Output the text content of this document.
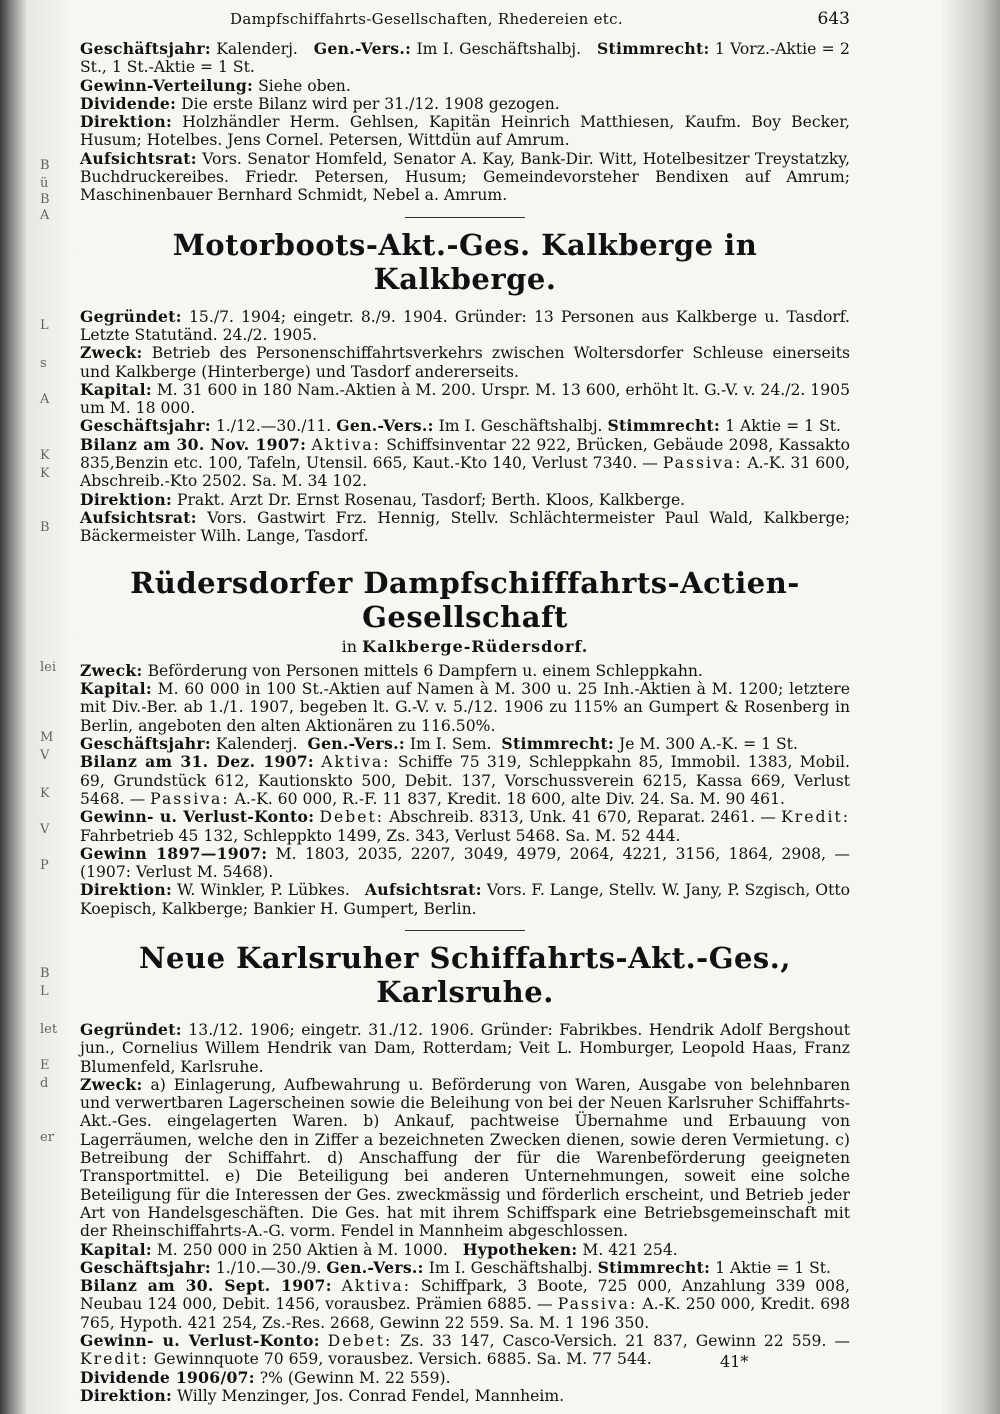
B
ü
B
A
L
s
A
K
K
B
lei
M
V
K
V
P
B
L
let
E
d
er
Dampfschiffahrts-Gesellschaften, Rhedereien etc.	643

Geschäftsjahr: Kalenderj. Gen.-Vers.: Im I. Geschäftshalbj. Stimmrecht: 1 Vorz.-Aktie = 2 St., 1 St.-Aktie = 1 St.

Gewinn-Verteilung: Siehe oben.

Dividende: Die erste Bilanz wird per 31./12. 1908 gezogen.

Direktion: Holzhändler Herm. Gehlsen, Kapitän Heinrich Matthiesen, Kaufm. Boy Becker, Husum; Hotelbes. Jens Cornel. Petersen, Wittdün auf Amrum.

Aufsichtsrat: Vors. Senator Homfeld, Senator A. Kay, Bank-Dir. Witt, Hotelbesitzer Treystatzky, Buchdruckereibes. Friedr. Petersen, Husum; Gemeindevorsteher Bendixen auf Amrum; Maschinenbauer Bernhard Schmidt, Nebel a. Amrum.

Motorboots-Akt.-Ges. Kalkberge in Kalkberge.

Gegründet: 15./7. 1904; eingetr. 8./9. 1904. Gründer: 13 Personen aus Kalkberge u. Tasdorf. Letzte Statutänd. 24./2. 1905.

Zweck: Betrieb des Personenschiffahrtsverkehrs zwischen Woltersdorfer Schleuse einerseits und Kalkberge (Hinterberge) und Tasdorf andererseits.

Kapital: M. 31 600 in 180 Nam.-Aktien à M. 200. Urspr. M. 13 600, erhöht lt. G.-V. v. 24./2. 1905 um M. 18 000.

Geschäftsjahr: 1./12.—30./11. Gen.-Vers.: Im I. Geschäftshalbj. Stimmrecht: 1 Aktie = 1 St.

Bilanz am 30. Nov. 1907: Aktiva: Schiffsinventar 22 922, Brücken, Gebäude 2098, Kassakto 835,Benzin etc. 100, Tafeln, Utensil. 665, Kaut.-Kto 140, Verlust 7340. — Passiva: A.-K. 31 600, Abschreib.-Kto 2502. Sa. M. 34 102.

Direktion: Prakt. Arzt Dr. Ernst Rosenau, Tasdorf; Berth. Kloos, Kalkberge.

Aufsichtsrat: Vors. Gastwirt Frz. Hennig, Stellv. Schlächtermeister Paul Wald, Kalkberge; Bäckermeister Wilh. Lange, Tasdorf.

Rüdersdorfer Dampfschifffahrts-Actien-Gesellschaft
in Kalkberge-Rüdersdorf.

Zweck: Beförderung von Personen mittels 6 Dampfern u. einem Schleppkahn.

Kapital: M. 60 000 in 100 St.-Aktien auf Namen à M. 300 u. 25 Inh.-Aktien à M. 1200; letztere mit Div.-Ber. ab 1./1. 1907, begeben lt. G.-V. v. 5./12. 1906 zu 115% an Gumpert & Rosenberg in Berlin, angeboten den alten Aktionären zu 116.50%.

Geschäftsjahr: Kalenderj. Gen.-Vers.: Im I. Sem. Stimmrecht: Je M. 300 A.-K. = 1 St.

Bilanz am 31. Dez. 1907: Aktiva: Schiffe 75 319, Schleppkahn 85, Immobil. 1383, Mobil. 69, Grundstück 612, Kautionskto 500, Debit. 137, Vorschussverein 6215, Kassa 669, Verlust 5468. — Passiva: A.-K. 60 000, R.-F. 11 837, Kredit. 18 600, alte Div. 24. Sa. M. 90 461.

Gewinn- u. Verlust-Konto: Debet: Abschreib. 8313, Unk. 41 670, Reparat. 2461. — Kredit: Fahrbetrieb 45 132, Schleppkto 1499, Zs. 343, Verlust 5468. Sa. M. 52 444.

Gewinn 1897—1907: M. 1803, 2035, 2207, 3049, 4979, 2064, 4221, 3156, 1864, 2908, — (1907: Verlust M. 5468).

Direktion: W. Winkler, P. Lübkes. Aufsichtsrat: Vors. F. Lange, Stellv. W. Jany, P. Szgisch, Otto Koepisch, Kalkberge; Bankier H. Gumpert, Berlin.

Neue Karlsruher Schiffahrts-Akt.-Ges., Karlsruhe.

Gegründet: 13./12. 1906; eingetr. 31./12. 1906. Gründer: Fabrikbes. Hendrik Adolf Bergshout jun., Cornelius Willem Hendrik van Dam, Rotterdam; Veit L. Homburger, Leopold Haas, Franz Blumenfeld, Karlsruhe.

Zweck: a) Einlagerung, Aufbewahrung u. Beförderung von Waren, Ausgabe von belehnbaren und verwertbaren Lagerscheinen sowie die Beleihung von bei der Neuen Karlsruher Schiffahrts-Akt.-Ges. eingelagerten Waren. b) Ankauf, pachtweise Übernahme und Erbauung von Lagerräumen, welche den in Ziffer a bezeichneten Zwecken dienen, sowie deren Vermietung. c) Betreibung der Schiffahrt. d) Anschaffung der für die Warenbeförderung geeigneten Transportmittel. e) Die Beteiligung bei anderen Unternehmungen, soweit eine solche Beteiligung für die Interessen der Ges. zweckmässig und förderlich erscheint, und Betrieb jeder Art von Handelsgeschäften. Die Ges. hat mit ihrem Schiffspark eine Betriebsgemeinschaft mit der Rheinschiffahrts-A.-G. vorm. Fendel in Mannheim abgeschlossen.

Kapital: M. 250 000 in 250 Aktien à M. 1000. Hypotheken: M. 421 254.

Geschäftsjahr: 1./10.—30./9. Gen.-Vers.: Im I. Geschäftshalbj. Stimmrecht: 1 Aktie = 1 St.

Bilanz am 30. Sept. 1907: Aktiva: Schiffpark, 3 Boote, 725 000, Anzahlung 339 008, Neubau 124 000, Debit. 1456, vorausbez. Prämien 6885. — Passiva: A.-K. 250 000, Kredit. 698 765, Hypoth. 421 254, Zs.-Res. 2668, Gewinn 22 559. Sa. M. 1 196 350.

Gewinn- u. Verlust-Konto: Debet: Zs. 33 147, Casco-Versich. 21 837, Gewinn 22 559. — Kredit: Gewinnquote 70 659, vorausbez. Versich. 6885. Sa. M. 77 544.

Dividende 1906/07: ?% (Gewinn M. 22 559).

Direktion: Willy Menzinger, Jos. Conrad Fendel, Mannheim.

41*
